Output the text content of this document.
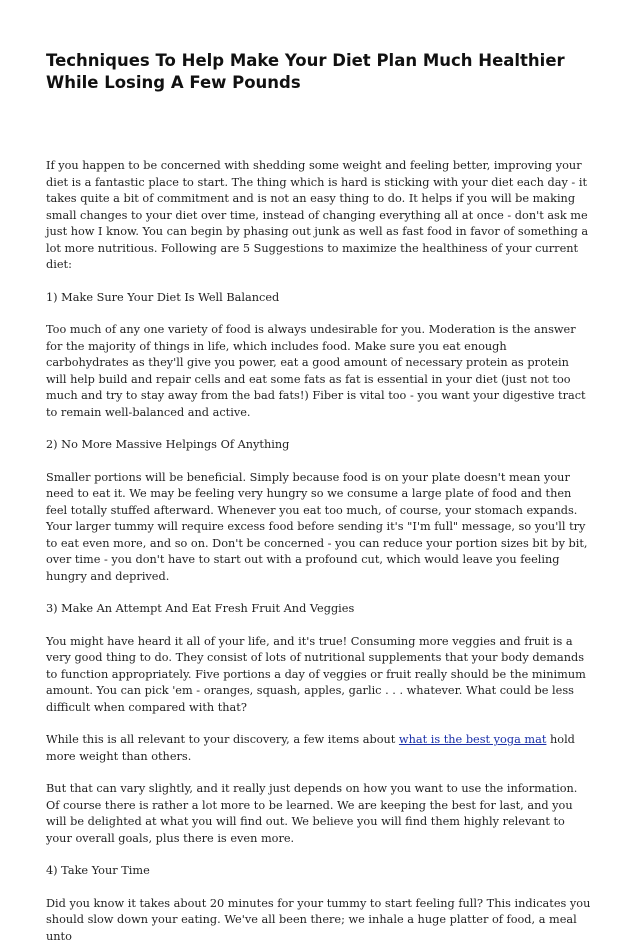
Techniques To Help Make Your Diet Plan Much Healthier While Losing A Few Pounds

If you happen to be concerned with shedding some weight and feeling better, improving your diet is a fantastic place to start. The thing which is hard is sticking with your diet each day - it takes quite a bit of commitment and is not an easy thing to do. It helps if you will be making small changes to your diet over time, instead of changing everything all at once - don't ask me just how I know. You can begin by phasing out junk as well as fast food in favor of something a lot more nutritious. Following are 5 Suggestions to maximize the healthiness of your current diet:

1) Make Sure Your Diet Is Well Balanced

Too much of any one variety of food is always undesirable for you. Moderation is the answer for the majority of things in life, which includes food. Make sure you eat enough carbohydrates as they'll give you power, eat a good amount of necessary protein as protein will help build and repair cells and eat some fats as fat is essential in your diet (just not too much and try to stay away from the bad fats!) Fiber is vital too - you want your digestive tract to remain well-balanced and active.

2) No More Massive Helpings Of Anything

Smaller portions will be beneficial. Simply because food is on your plate doesn't mean your need to eat it. We may be feeling very hungry so we consume a large plate of food and then feel totally stuffed afterward. Whenever you eat too much, of course, your stomach expands. Your larger tummy will require excess food before sending it's "I'm full" message, so you'll try to eat even more, and so on. Don't be concerned - you can reduce your portion sizes bit by bit, over time - you don't have to start out with a profound cut, which would leave you feeling hungry and deprived.

3) Make An Attempt And Eat Fresh Fruit And Veggies

You might have heard it all of your life, and it's true! Consuming more veggies and fruit is a very good thing to do. They consist of lots of nutritional supplements that your body demands to function appropriately. Five portions a day of veggies or fruit really should be the minimum amount. You can pick 'em - oranges, squash, apples, garlic . . . whatever. What could be less difficult when compared with that?

While this is all relevant to your discovery, a few items about what is the best yoga mat hold more weight than others.

But that can vary slightly, and it really just depends on how you want to use the information. Of course there is rather a lot more to be learned. We are keeping the best for last, and you will be delighted at what you will find out. We believe you will find them highly relevant to your overall goals, plus there is even more.

4) Take Your Time

Did you know it takes about 20 minutes for your tummy to start feeling full? This indicates you should slow down your eating. We've all been there; we inhale a huge platter of food, a meal unto
